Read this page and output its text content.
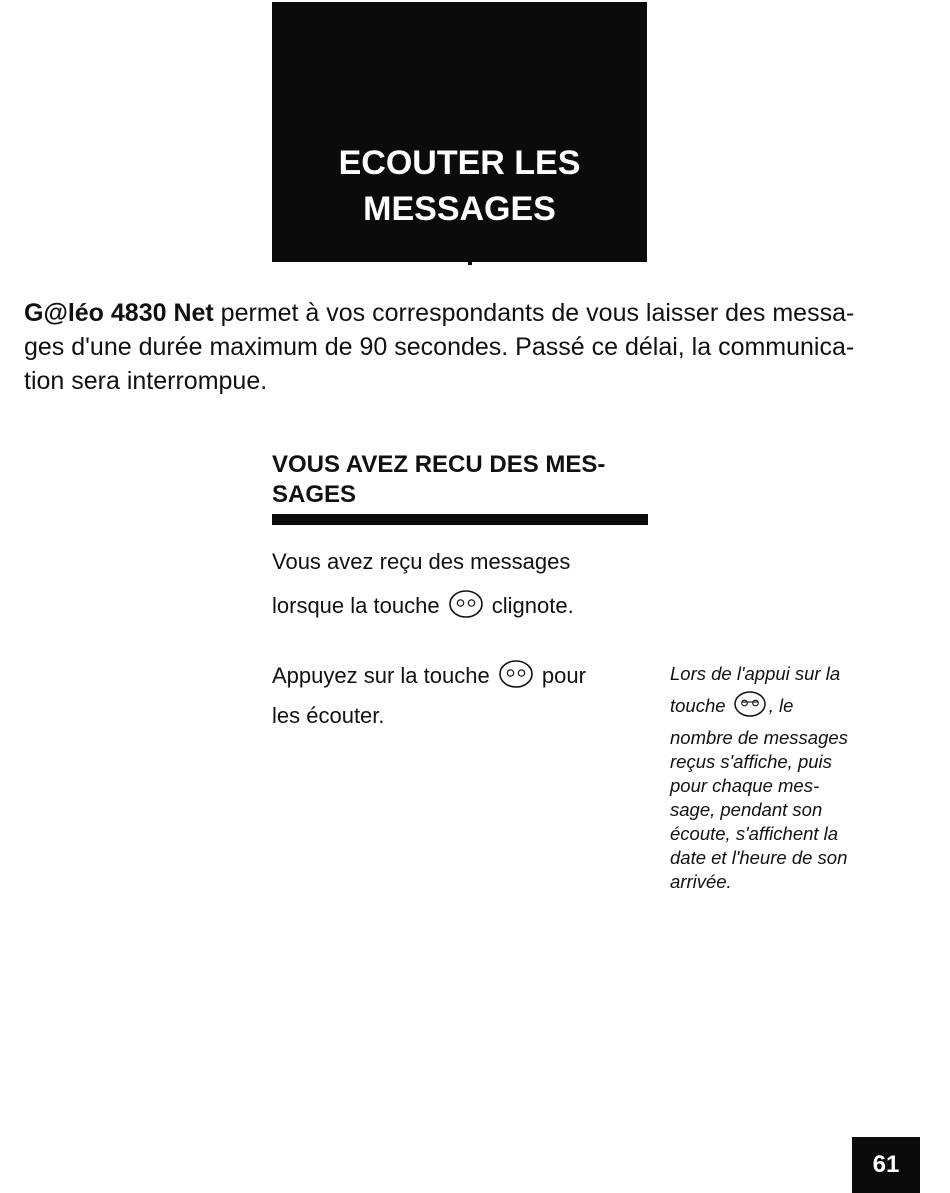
ECOUTER LES
MESSAGES

G@léo 4830 Net permet à vos correspondants de vous laisser des messa-
ges d'une durée maximum de 90 secondes. Passé ce délai, la communica-
tion sera interrompue.

VOUS AVEZ RECU DES MES-
SAGES

Vous avez reçu des messages
lorsque la touche  clignote.

Appuyez sur la touche  pour
les écouter.

Lors de l'appui sur la
touche , le
nombre de messages
reçus s'affiche, puis
pour chaque mes-
sage, pendant son
écoute, s'affichent la
date et l'heure de son
arrivée.

61
